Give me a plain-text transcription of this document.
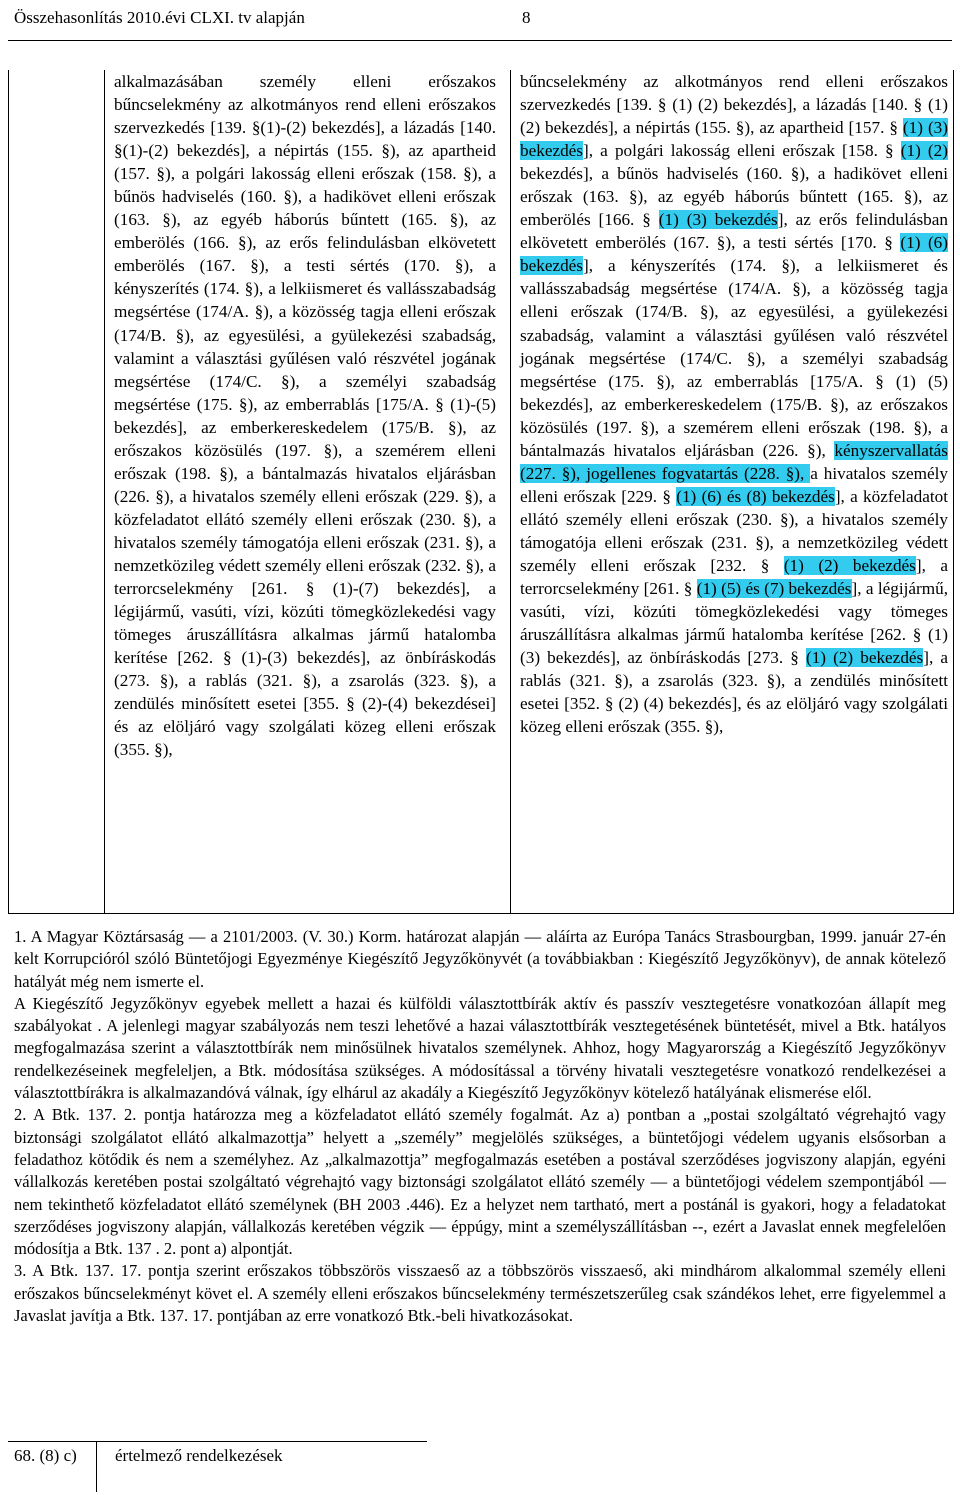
Összehasonlítás 2010.évi CLXI. tv alapján	8
alkalmazásában személy elleni erőszakos bűncselekmény az alkotmányos rend elleni erőszakos szervezkedés [139. §(1)-(2) bekezdés], a lázadás [140. §(1)-(2) bekezdés], a népirtás (155. §), az apartheid (157. §), a polgári lakosság elleni erőszak (158. §), a bűnös hadviselés (160. §), a hadikövet elleni erőszak (163. §), az egyéb háborús bűntett (165. §), az emberölés (166. §), az erős felindulásban elkövetett emberölés (167. §), a testi sértés (170. §), a kényszerítés (174. §), a lelkiismeret és vallásszabadság megsértése (174/A. §), a közösség tagja elleni erőszak (174/B. §), az egyesülési, a gyülekezési szabadság, valamint a választási gyűlésen való részvétel jogának megsértése (174/C. §), a személyi szabadság megsértése (175. §), az emberrablás [175/A. § (1)-(5) bekezdés], az emberkereskedelem (175/B. §), az erőszakos közösülés (197. §), a szemérem elleni erőszak (198. §), a bántalmazás hivatalos eljárásban (226. §), a hivatalos személy elleni erőszak (229. §), a közfeladatot ellátó személy elleni erőszak (230. §), a hivatalos személy támogatója elleni erőszak (231. §), a nemzetközileg védett személy elleni erőszak (232. §), a terrorcselekmény [261. § (1)-(7) bekezdés], a légijármű, vasúti, vízi, közúti tömegközlekedési vagy tömeges áruszállításra alkalmas jármű hatalomba kerítése [262. § (1)-(3) bekezdés], az önbíráskodás (273. §), a rablás (321. §), a zsarolás (323. §), a zendülés minősített esetei [355. § (2)-(4) bekezdései] és az elöljáró vagy szolgálati közeg elleni erőszak (355. §),
bűncselekmény az alkotmányos rend elleni erőszakos szervezkedés [139. § (1) (2) bekezdés], a lázadás [140. § (1) (2) bekezdés], a népirtás (155. §), az apartheid [157. § (1) (3) bekezdés], a polgári lakosság elleni erőszak [158. § (1) (2) bekezdés], a bűnös hadviselés (160. §), a hadikövet elleni erőszak (163. §), az egyéb háborús bűntett (165. §), az emberölés [166. § (1) (3) bekezdés], az erős felindulásban elkövetett emberölés (167. §), a testi sértés [170. § (1) (6) bekezdés], a kényszerítés (174. §), a lelkiismeret és vallásszabadság megsértése (174/A. §), a közösség tagja elleni erőszak (174/B. §), az egyesülési, a gyülekezési szabadság, valamint a választási gyűlésen való részvétel jogának megsértése (174/C. §), a személyi szabadság megsértése (175. §), az emberrablás [175/A. § (1) (5) bekezdés], az emberkereskedelem (175/B. §), az erőszakos közösülés (197. §), a szemérem elleni erőszak (198. §), a bántalmazás hivatalos eljárásban (226. §), kényszervallatás (227. §), jogellenes fogvatartás (228. §), a hivatalos személy elleni erőszak [229. § (1) (6) és (8) bekezdés], a közfeladatot ellátó személy elleni erőszak (230. §), a hivatalos személy támogatója elleni erőszak (231. §), a nemzetközileg védett személy elleni erőszak [232. § (1) (2) bekezdés], a terrorcselekmény [261. § (1) (5) és (7) bekezdés], a légijármű, vasúti, vízi, közúti tömegközlekedési vagy tömeges áruszállításra alkalmas jármű hatalomba kerítése [262. § (1) (3) bekezdés], az önbíráskodás [273. § (1) (2) bekezdés], a rablás (321. §), a zsarolás (323. §), a zendülés minősített esetei [352. § (2) (4) bekezdés], és az elöljáró vagy szolgálati közeg elleni erőszak (355. §),

1. A Magyar Köztársaság — a 2101/2003. (V. 30.) Korm. határozat alapján — aláírta az Európa Tanács Strasbourgban, 1999. január 27-én kelt Korrupcióról szóló Büntetőjogi Egyezménye Kiegészítő Jegyzőkönyvét (a továbbiakban : Kiegészítő Jegyzőkönyv), de annak kötelező hatályát még nem ismerte el.

A Kiegészítő Jegyzőkönyv egyebek mellett a hazai és külföldi választottbírák aktív és passzív vesztegetésre vonatkozóan állapít meg szabályokat . A jelenlegi magyar szabályozás nem teszi lehetővé a hazai választottbírák vesztegetésének büntetését, mivel a Btk. hatályos megfogalmazása szerint a választottbírák nem minősülnek hivatalos személynek. Ahhoz, hogy Magyarország a Kiegészítő Jegyzőkönyv rendelkezéseinek megfeleljen, a Btk. módosítása szükséges. A módosítással a törvény hivatali vesztegetésre vonatkozó rendelkezései a választottbírákra is alkalmazandóvá válnak, így elhárul az akadály a Kiegészítő Jegyzőkönyv kötelező hatályának elismerése elől.

2. A Btk. 137. 2. pontja határozza meg a közfeladatot ellátó személy fogalmát. Az a) pontban a „postai szolgáltató végrehajtó vagy biztonsági szolgálatot ellátó alkalmazottja” helyett a „személy” megjelölés szükséges, a büntetőjogi védelem ugyanis elsősorban a feladathoz kötődik és nem a személyhez. Az „alkalmazottja” megfogalmazás esetében a postával szerződéses jogviszony alapján, egyéni vállalkozás keretében postai szolgáltató végrehajtó vagy biztonsági szolgálatot ellátó személy — a büntetőjogi védelem szempontjából — nem tekinthető közfeladatot ellátó személynek (BH 2003 .446). Ez a helyzet nem tartható, mert a postánál is gyakori, hogy a feladatokat szerződéses jogviszony alapján, vállalkozás keretében végzik — éppúgy, mint a személyszállításban --, ezért a Javaslat ennek megfelelően módosítja a Btk. 137 . 2. pont a) alpontját.

3. A Btk. 137. 17. pontja szerint erőszakos többszörös visszaeső az a többszörös visszaeső, aki mindhárom alkalommal személy elleni erőszakos bűncselekményt követ el. A személy elleni erőszakos bűncselekmény természetszerűleg csak szándékos lehet, erre figyelemmel a Javaslat javítja a Btk. 137. 17. pontjában az erre vonatkozó Btk.-beli hivatkozásokat.

68. (8) c)	értelmező rendelkezések
